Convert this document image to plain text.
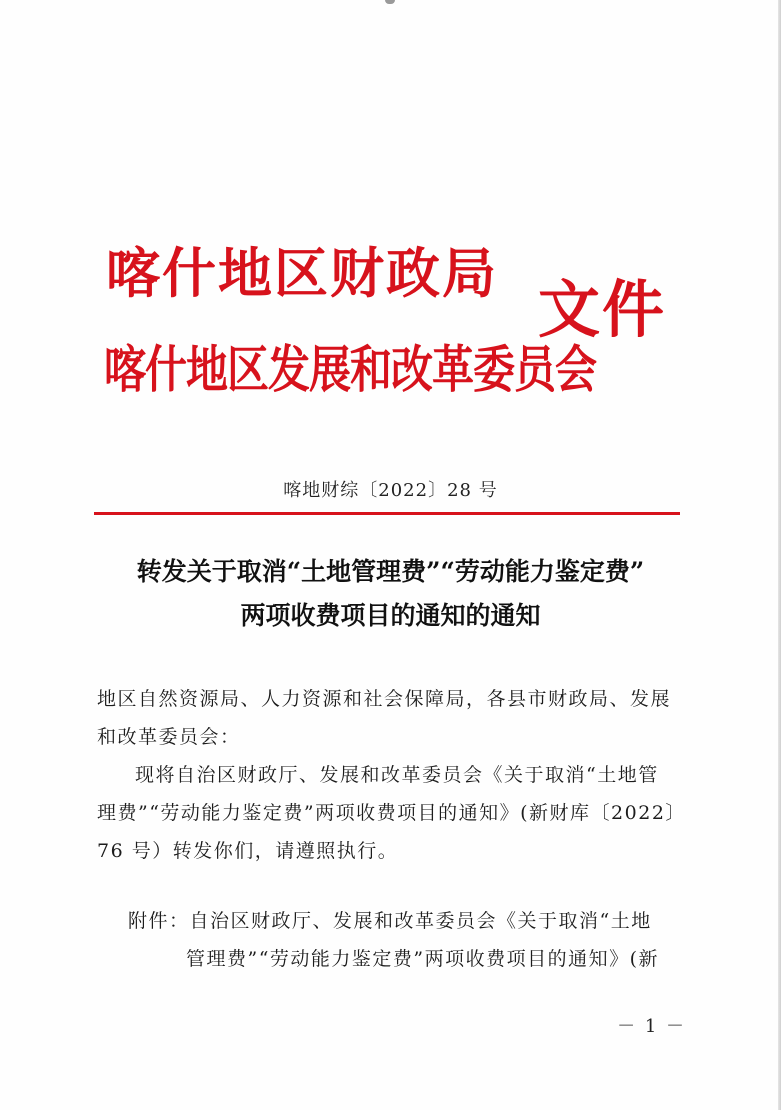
喀什地区财政局
喀什地区发展和改革委员会
文件
喀地财综〔2022〕28 号
转发关于取消“土地管理费”“劳动能力鉴定费”
两项收费项目的通知的通知

地区自然资源局、人力资源和社会保障局，各县市财政局、发展

和改革委员会：

现将自治区财政厅、发展和改革委员会《关于取消“土地管

理费”“劳动能力鉴定费”两项收费项目的通知》(新财库〔2022〕

76 号）转发你们，请遵照执行。

附件：自治区财政厅、发展和改革委员会《关于取消“土地
管理费”“劳动能力鉴定费”两项收费项目的通知》(新
－ 1 －
